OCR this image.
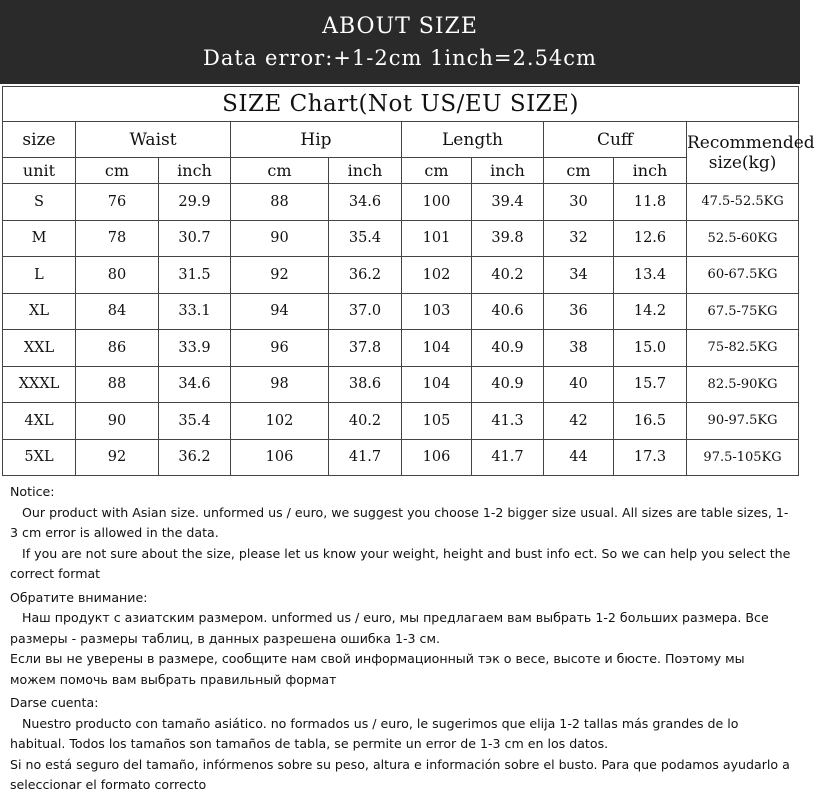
ABOUT SIZE
Data error:+1-2cm 1inch=2.54cm
SIZE Chart(Not US/EU SIZE)									
size	Waist		Hip		Length		Cuff		Recommended
size(kg)
unit	cm	inch	cm	inch	cm	inch	cm	inch	
S	76	29.9	88	34.6	100	39.4	30	11.8	47.5-52.5KG
M	78	30.7	90	35.4	101	39.8	32	12.6	52.5-60KG
L	80	31.5	92	36.2	102	40.2	34	13.4	60-67.5KG
XL	84	33.1	94	37.0	103	40.6	36	14.2	67.5-75KG
XXL	86	33.9	96	37.8	104	40.9	38	15.0	75-82.5KG
XXXL	88	34.6	98	38.6	104	40.9	40	15.7	82.5-90KG
4XL	90	35.4	102	40.2	105	41.3	42	16.5	90-97.5KG
5XL	92	36.2	106	41.7	106	41.7	44	17.3	97.5-105KG

Notice:

Our product with Asian size. unformed us / euro, we suggest you choose 1-2 bigger size usual. All sizes are table sizes, 1-3 cm error is allowed in the data.

If you are not sure about the size, please let us know your weight, height and bust info ect. So we can help you select the correct format

Обратите внимание:

Наш продукт с азиатским размером. unformed us / euro, мы предлагаем вам выбрать 1-2 больших размера. Все размеры - размеры таблиц, в данных разрешена ошибка 1-3 см.

Если вы не уверены в размере, сообщите нам свой информационный тэк о весе, высоте и бюсте. Поэтому мы можем помочь вам выбрать правильный формат

Darse cuenta:

Nuestro producto con tamaño asiático. no formados us / euro, le sugerimos que elija 1-2 tallas más grandes de lo habitual. Todos los tamaños son tamaños de tabla, se permite un error de 1-3 cm en los datos.

Si no está seguro del tamaño, infórmenos sobre su peso, altura e información sobre el busto. Para que podamos ayudarlo a seleccionar el formato correcto
